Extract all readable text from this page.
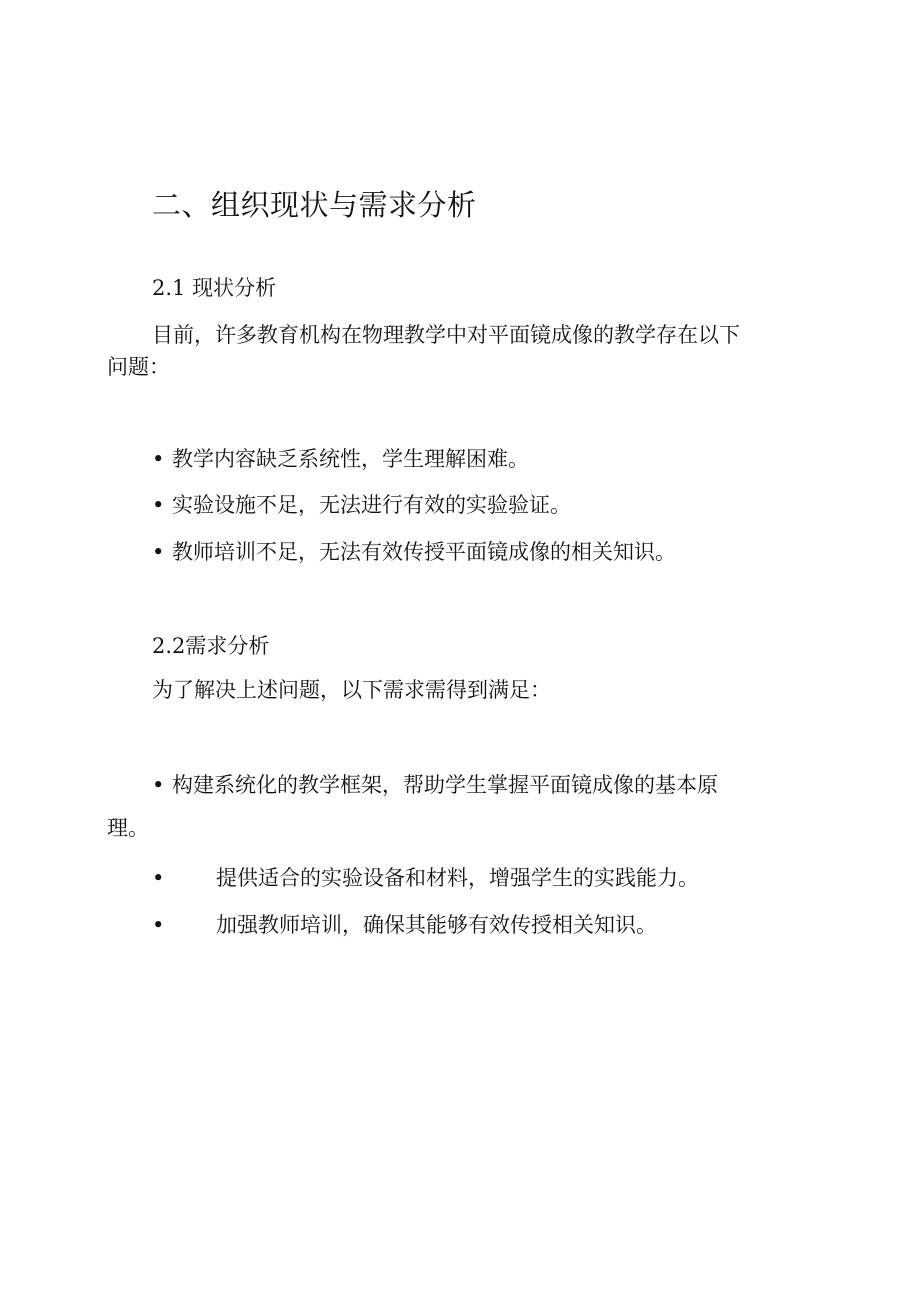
二、组织现状与需求分析
2.1 现状分析

目前，许多教育机构在物理教学中对平面镜成像的教学存在以下

问题：

• 教学内容缺乏系统性，学生理解困难。
• 实验设施不足，无法进行有效的实验验证。
• 教师培训不足，无法有效传授平面镜成像的相关知识。
2.2需求分析

为了解决上述问题，以下需求需得到满足：

• 构建系统化的教学框架，帮助学生掌握平面镜成像的基本原

理。

•	提供适合的实验设备和材料，增强学生的实践能力。
•	加强教师培训，确保其能够有效传授相关知识。
